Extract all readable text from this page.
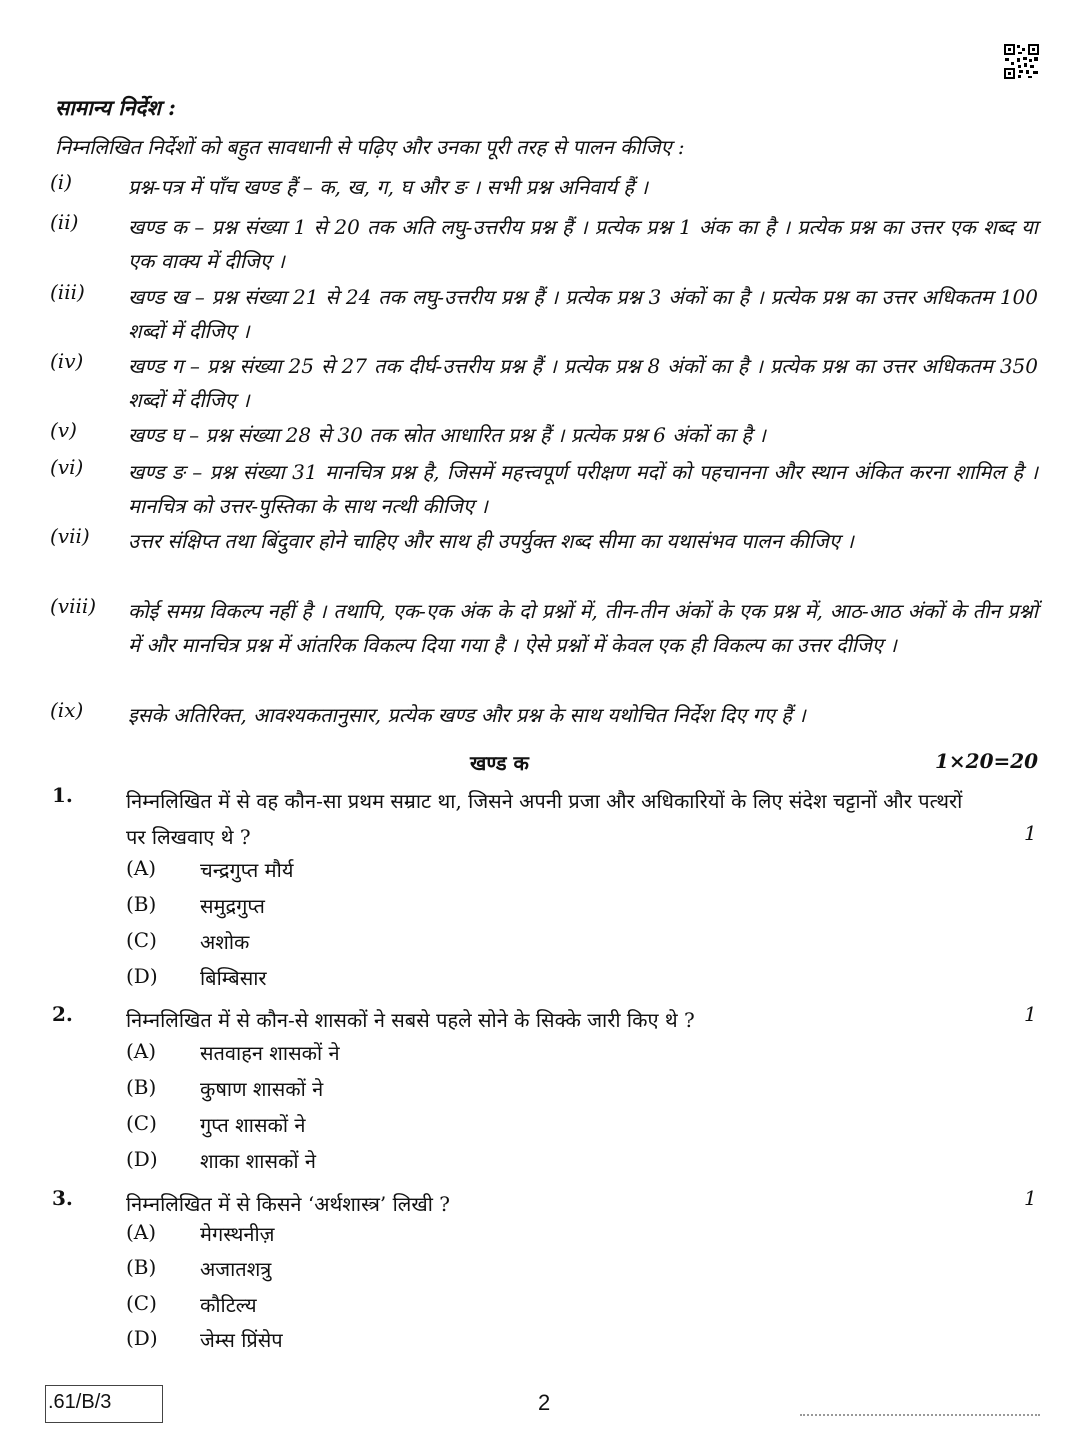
सामान्य निर्देश :
निम्नलिखित निर्देशों को बहुत सावधानी से पढ़िए और उनका पूरी तरह से पालन कीजिए :
(i)	प्रश्न-पत्र में पाँच खण्ड हैं – क, ख, ग, घ और ङ । सभी प्रश्न अनिवार्य हैं ।
(ii)	खण्ड क – प्रश्न संख्या 1 से 20 तक अति लघु-उत्तरीय प्रश्न हैं । प्रत्येक प्रश्न 1 अंक का है । प्रत्येक प्रश्न का उत्तर एक शब्द या एक वाक्य में दीजिए ।
(iii)	खण्ड ख – प्रश्न संख्या 21 से 24 तक लघु-उत्तरीय प्रश्न हैं । प्रत्येक प्रश्न 3 अंकों का है । प्रत्येक प्रश्न का उत्तर अधिकतम 100 शब्दों में दीजिए ।
(iv)	खण्ड ग – प्रश्न संख्या 25 से 27 तक दीर्घ-उत्तरीय प्रश्न हैं । प्रत्येक प्रश्न 8 अंकों का है । प्रत्येक प्रश्न का उत्तर अधिकतम 350 शब्दों में दीजिए ।
(v)	खण्ड घ – प्रश्न संख्या 28 से 30 तक स्रोत आधारित प्रश्न हैं । प्रत्येक प्रश्न 6 अंकों का है ।
(vi)	खण्ड ङ – प्रश्न संख्या 31 मानचित्र प्रश्न है, जिसमें महत्त्वपूर्ण परीक्षण मदों को पहचानना और स्थान अंकित करना शामिल है । मानचित्र को उत्तर-पुस्तिका के साथ नत्थी कीजिए ।
(vii)	उत्तर संक्षिप्त तथा बिंदुवार होने चाहिए और साथ ही उपर्युक्त शब्द सीमा का यथासंभव पालन कीजिए ।
(viii)	कोई समग्र विकल्प नहीं है । तथापि, एक-एक अंक के दो प्रश्नों में, तीन-तीन अंकों के एक प्रश्न में, आठ-आठ अंकों के तीन प्रश्नों में और मानचित्र प्रश्न में आंतरिक विकल्प दिया गया है । ऐसे प्रश्नों में केवल एक ही विकल्प का उत्तर दीजिए ।
(ix)	इसके अतिरिक्त, आवश्यकतानुसार, प्रत्येक खण्ड और प्रश्न के साथ यथोचित निर्देश दिए गए हैं ।
खण्ड क	1×20=20
1.	निम्नलिखित में से वह कौन-सा प्रथम सम्राट था, जिसने अपनी प्रजा और अधिकारियों के लिए संदेश चट्टानों और पत्थरों पर लिखवाए थे ?	1
(A)	चन्द्रगुप्त मौर्य
(B)	समुद्रगुप्त
(C)	अशोक
(D)	बिम्बिसार
2.	निम्नलिखित में से कौन-से शासकों ने सबसे पहले सोने के सिक्के जारी किए थे ?	1
(A)	सतवाहन शासकों ने
(B)	कुषाण शासकों ने
(C)	गुप्त शासकों ने
(D)	शाका शासकों ने
3.	निम्नलिखित में से किसने ‘अर्थशास्त्र’ लिखी ?	1
(A)	मेगस्थनीज़
(B)	अजातशत्रु
(C)	कौटिल्य
(D)	जेम्स प्रिंसेप
.61/B/3	2
